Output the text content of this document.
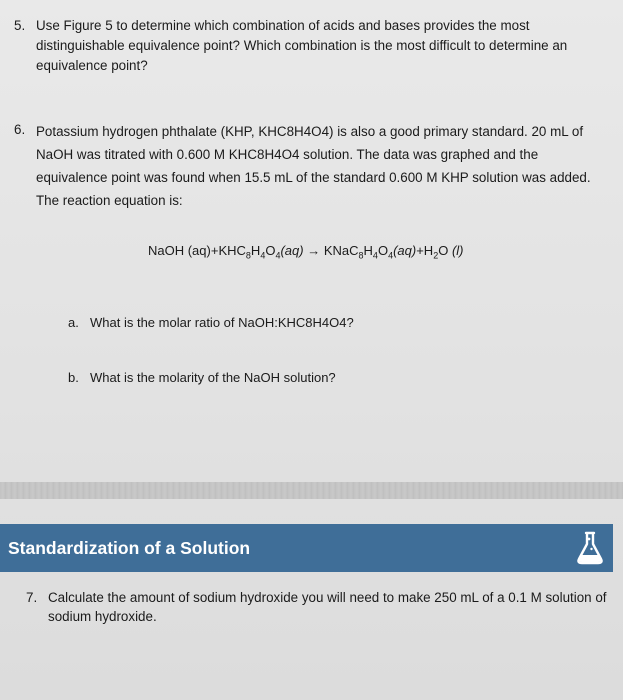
5. Use Figure 5 to determine which combination of acids and bases provides the most distinguishable equivalence point? Which combination is the most difficult to determine an equivalence point?
6. Potassium hydrogen phthalate (KHP, KHC8H4O4) is also a good primary standard. 20 mL of NaOH was titrated with 0.600 M KHC8H4O4 solution. The data was graphed and the equivalence point was found when 15.5 mL of the standard 0.600 M KHP solution was added. The reaction equation is:
NaOH $(aq)+KHC_8H_4O_4(aq)$ → $KNaC_8H_4O_4(aq)+H_2O$ (l)
a. What is the molar ratio of NaOH:KHC8H4O4?
b. What is the molarity of the NaOH solution?
Standardization of a Solution
7. Calculate the amount of sodium hydroxide you will need to make 250 mL of a 0.1 M solution of sodium hydroxide.
